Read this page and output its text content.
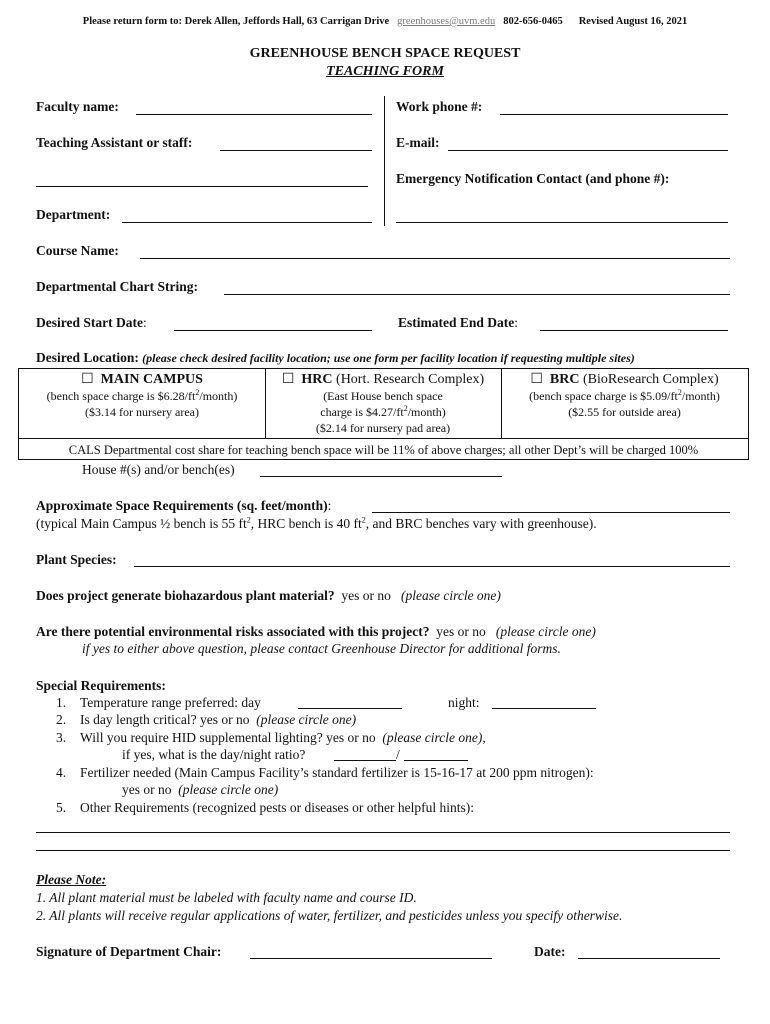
Please return form to: Derek Allen, Jeffords Hall, 63 Carrigan Drive greenhouses@uvm.edu 802-656-0465 Revised August 16, 2021
GREENHOUSE BENCH SPACE REQUEST
TEACHING FORM
Faculty name:	Work phone #:
Teaching Assistant or staff:	E-mail:
Emergency Notification Contact (and phone #):
Department:
Course Name:
Departmental Chart String:
Desired Start Date:	Estimated End Date:
Desired Location: (please check desired facility location; use one form per facility location if requesting multiple sites)
☐ MAIN CAMPUS
(bench space charge is $\$6.28/ft^2/month$)
($3.14 for nursery area)
☐ HRC (Hort. Research Complex)
(East House bench space
charge is $\$4.27/ft^2/month$)
($2.14 for nursery pad area)
☐ BRC (BioResearch Complex)
(bench space charge is $\$5.09/ft^2/month$)
($2.55 for outside area)
CALS Departmental cost share for teaching bench space will be 11% of above charges; all other Dept’s will be charged 100%
House #(s) and/or bench(es)
Approximate Space Requirements (sq. feet/month):
(typical Main Campus ½ bench is 55 $ft^2$, HRC bench is 40 $ft^2$, and BRC benches vary with greenhouse).
Plant Species:
Does project generate biohazardous plant material? yes or no (please circle one)
Are there potential environmental risks associated with this project? yes or no (please circle one)
if yes to either above question, please contact Greenhouse Director for additional forms.
Special Requirements:
1. Temperature range preferred: day	night:
2. Is day length critical? yes or no (please circle one)
3. Will you require HID supplemental lighting? yes or no (please circle one),
if yes, what is the day/night ratio?	/
4. Fertilizer needed (Main Campus Facility’s standard fertilizer is 15-16-17 at 200 ppm nitrogen):
yes or no (please circle one)
5. Other Requirements (recognized pests or diseases or other helpful hints):
Please Note:
1. All plant material must be labeled with faculty name and course ID.
2. All plants will receive regular applications of water, fertilizer, and pesticides unless you specify otherwise.
Signature of Department Chair:	Date:
